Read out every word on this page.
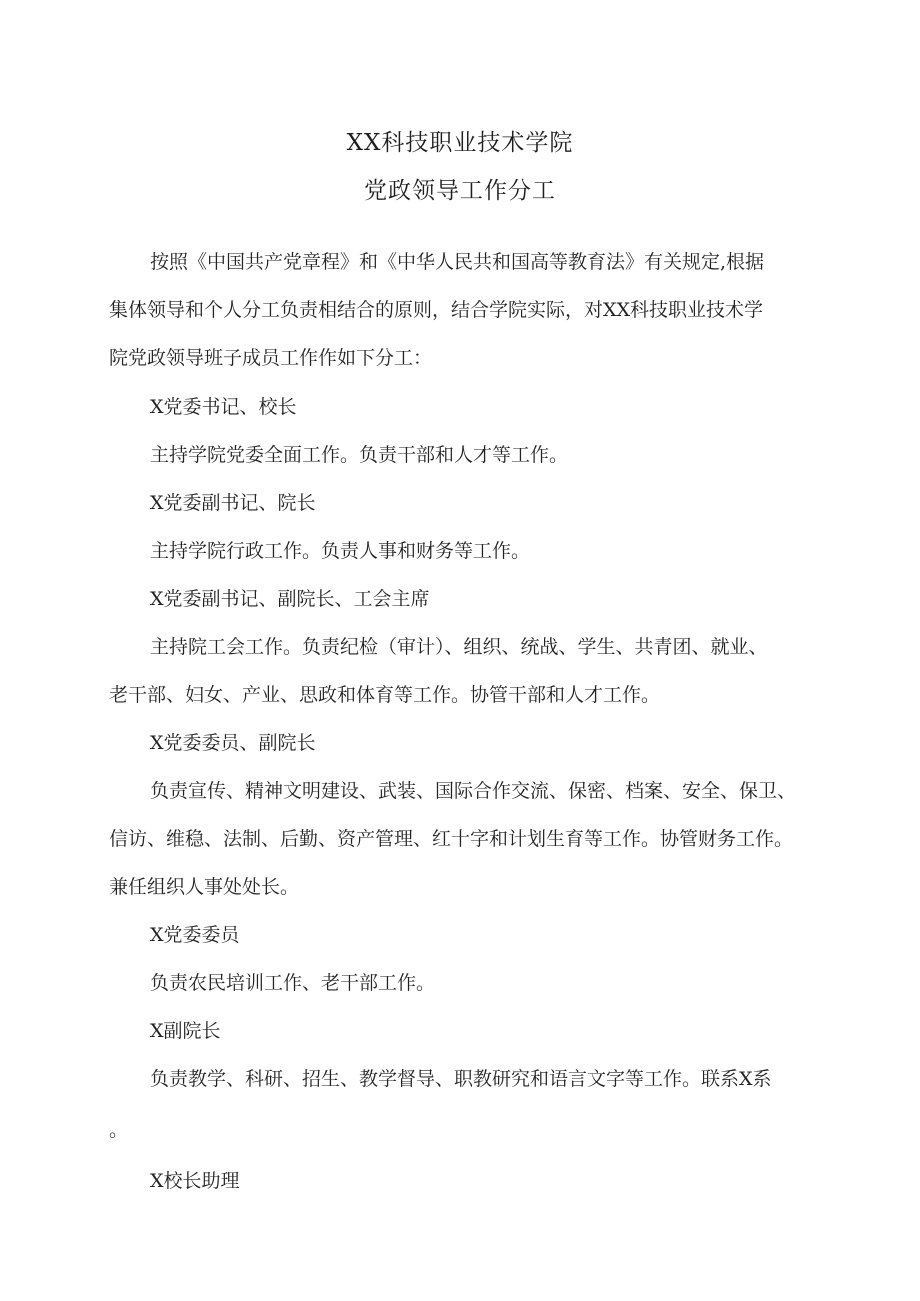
XX科技职业技术学院
党政领导工作分工
按照《中国共产党章程》和《中华人民共和国高等教育法》有关规定,根据
集体领导和个人分工负责相结合的原则，结合学院实际，对XX科技职业技术学
院党政领导班子成员工作作如下分工：
X党委书记、校长
主持学院党委全面工作。负责干部和人才等工作。
X党委副书记、院长
主持学院行政工作。负责人事和财务等工作。
X党委副书记、副院长、工会主席
主持院工会工作。负责纪检（审计）、组织、统战、学生、共青团、就业、
老干部、妇女、产业、思政和体育等工作。协管干部和人才工作。
X党委委员、副院长
负责宣传、精神文明建设、武装、国际合作交流、保密、档案、安全、保卫、
信访、维稳、法制、后勤、资产管理、红十字和计划生育等工作。协管财务工作。
兼任组织人事处处长。
X党委委员
负责农民培训工作、老干部工作。
X副院长
负责教学、科研、招生、教学督导、职教研究和语言文字等工作。联系X系
。
X校长助理
